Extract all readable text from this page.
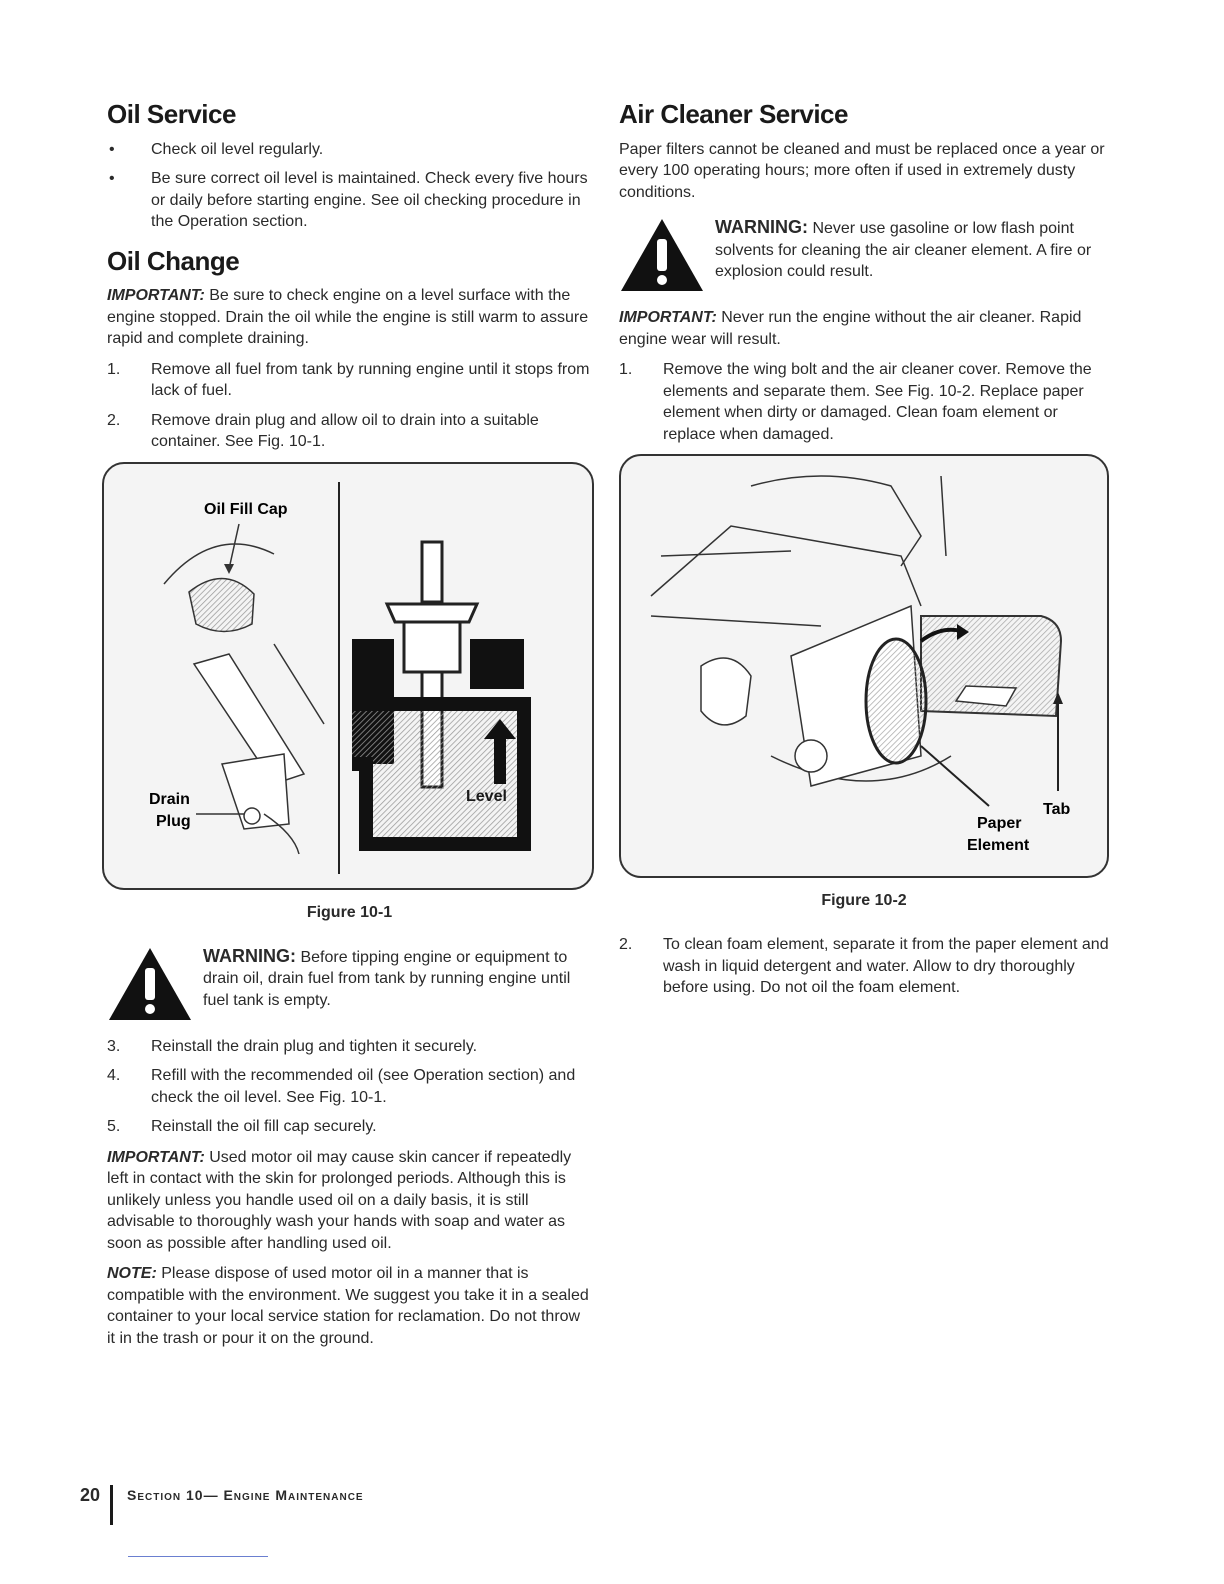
Oil Service
• Check oil level regularly.
• Be sure correct oil level is maintained. Check every five hours or daily before starting engine. See oil checking procedure in the Operation section.
Oil Change

IMPORTANT: Be sure to check engine on a level surface with the engine stopped. Drain the oil while the engine is still warm to assure rapid and complete draining.

1. Remove all fuel from tank by running engine until it stops from lack of fuel.
2. Remove drain plug and allow oil to drain into a suitable container. See Fig. 10-1.
Oil Fill Cap
Drain
Plug
Level
Figure 10-1

WARNING: Before tipping engine or equipment to drain oil, drain fuel from tank by running engine until fuel tank is empty.

3. Reinstall the drain plug and tighten it securely.
4. Refill with the recommended oil (see Operation section) and check the oil level. See Fig. 10-1.
5. Reinstall the oil fill cap securely.

IMPORTANT: Used motor oil may cause skin cancer if repeatedly left in contact with the skin for prolonged periods. Although this is unlikely unless you handle used oil on a daily basis, it is still advisable to thoroughly wash your hands with soap and water as soon as possible after handling used oil.

NOTE: Please dispose of used motor oil in a manner that is compatible with the environment. We suggest you take it in a sealed container to your local service station for reclamation. Do not throw it in the trash or pour it on the ground.

Air Cleaner Service

Paper filters cannot be cleaned and must be replaced once a year or every 100 operating hours; more often if used in extremely dusty conditions.

WARNING: Never use gasoline or low flash point solvents for cleaning the air cleaner element. A fire or explosion could result.

IMPORTANT: Never run the engine without the air cleaner. Rapid engine wear will result.

1. Remove the wing bolt and the air cleaner cover. Remove the elements and separate them. See Fig. 10-2. Replace paper element when dirty or damaged. Clean foam element or replace when damaged.
Tab
Paper
Element
Figure 10-2
2. To clean foam element, separate it from the paper element and wash in liquid detergent and water. Allow to dry thoroughly before using. Do not oil the foam element.
20 Section 10— Engine Maintenance
